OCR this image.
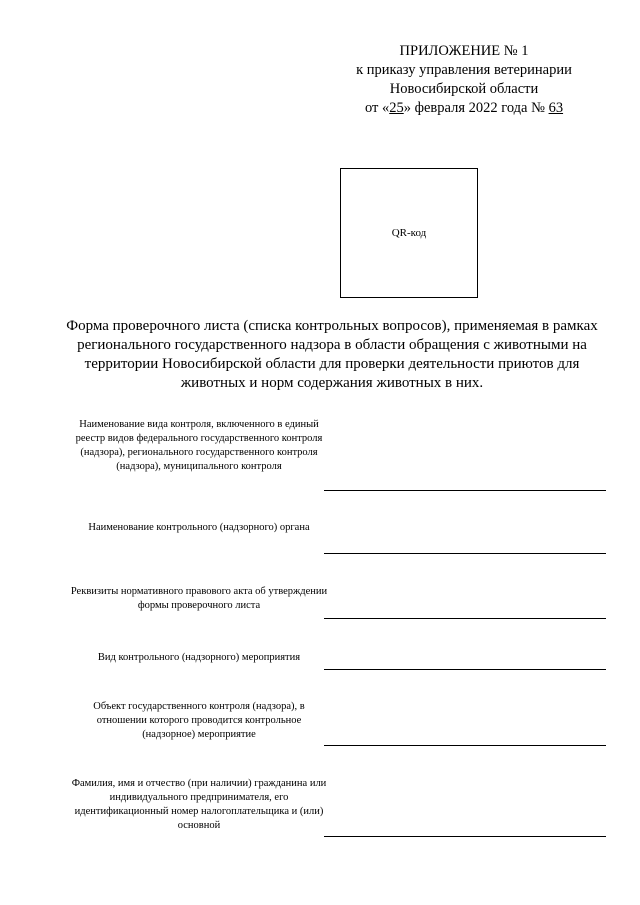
ПРИЛОЖЕНИЕ № 1
к приказу управления ветеринарии
Новосибирской области
от «25» февраля 2022 года № 63
QR-код
Форма проверочного листа (списка контрольных вопросов), применяемая в рамках регионального государственного надзора в области обращения с животными на территории Новосибирской области для проверки деятельности приютов для животных и норм содержания животных в них.
Наименование вида контроля, включенного в единый реестр видов федерального государственного контроля (надзора), регионального государственного контроля (надзора), муниципального контроля
Наименование контрольного (надзорного) органа
Реквизиты нормативного правового акта об утверждении формы проверочного листа
Вид контрольного (надзорного) мероприятия
Объект государственного контроля (надзора), в отношении которого проводится контрольное (надзорное) мероприятие
Фамилия, имя и отчество (при наличии) гражданина или индивидуального предпринимателя, его идентификационный номер налогоплательщика и (или) основной
